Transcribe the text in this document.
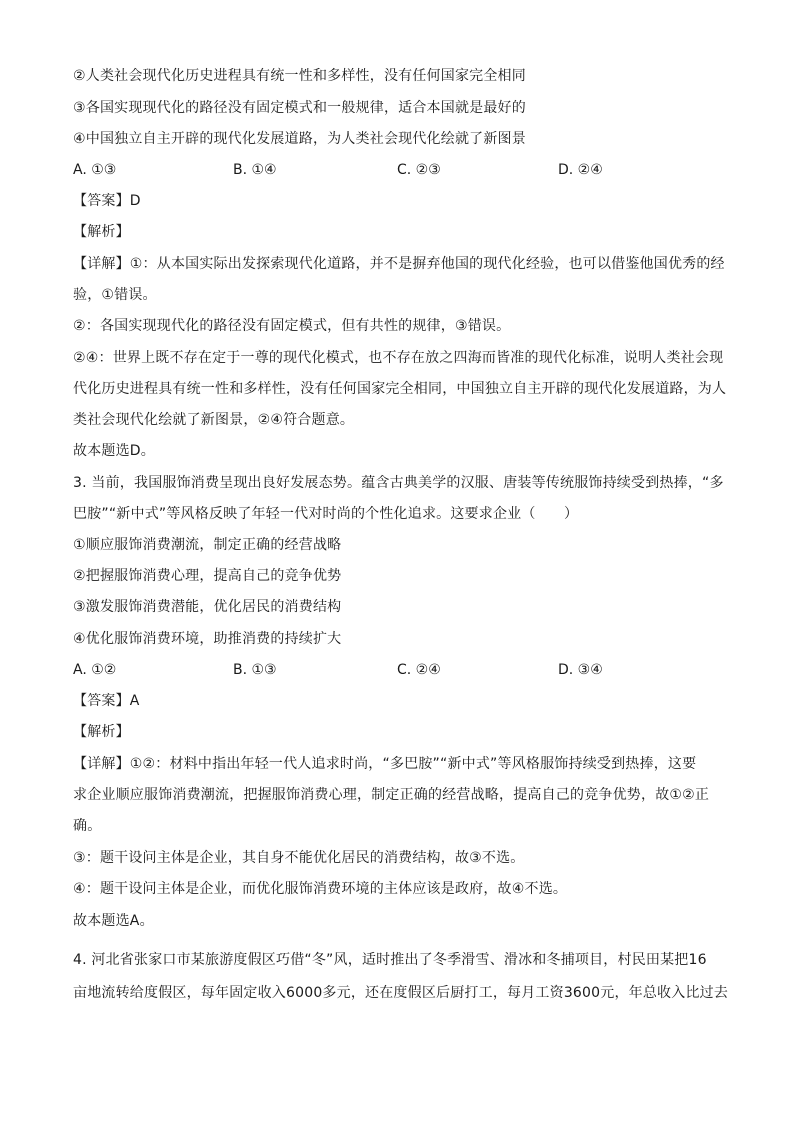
②人类社会现代化历史进程具有统一性和多样性，没有任何国家完全相同
③各国实现现代化的路径没有固定模式和一般规律，适合本国就是最好的
④中国独立自主开辟的现代化发展道路，为人类社会现代化绘就了新图景
A. ①③	B. ①④	C. ②③	D. ②④
【答案】D
【解析】
【详解】①：从本国实际出发探索现代化道路，并不是摒弃他国的现代化经验，也可以借鉴他国优秀的经
验，①错误。
②：各国实现现代化的路径没有固定模式，但有共性的规律，③错误。
②④：世界上既不存在定于一尊的现代化模式，也不存在放之四海而皆准的现代化标准，说明人类社会现
代化历史进程具有统一性和多样性，没有任何国家完全相同，中国独立自主开辟的现代化发展道路，为人
类社会现代化绘就了新图景，②④符合题意。
故本题选D。
3. 当前，我国服饰消费呈现出良好发展态势。蕴含古典美学的汉服、唐装等传统服饰持续受到热捧，“多
巴胺”“新中式”等风格反映了年轻一代对时尚的个性化追求。这要求企业（　　）
①顺应服饰消费潮流，制定正确的经营战略
②把握服饰消费心理，提高自己的竞争优势
③激发服饰消费潜能，优化居民的消费结构
④优化服饰消费环境，助推消费的持续扩大
A. ①②	B. ①③	C. ②④	D. ③④
【答案】A
【解析】
【详解】①②：材料中指出年轻一代人追求时尚，“多巴胺”“新中式”等风格服饰持续受到热捧，这要
求企业顺应服饰消费潮流，把握服饰消费心理，制定正确的经营战略，提高自己的竞争优势，故①②正
确。
③：题干设问主体是企业，其自身不能优化居民的消费结构，故③不选。
④：题干设问主体是企业，而优化服饰消费环境的主体应该是政府，故④不选。
故本题选A。
4. 河北省张家口市某旅游度假区巧借“冬”风，适时推出了冬季滑雪、滑冰和冬捕项目，村民田某把16
亩地流转给度假区，每年固定收入6000多元，还在度假区后厨打工，每月工资3600元，年总收入比过去
